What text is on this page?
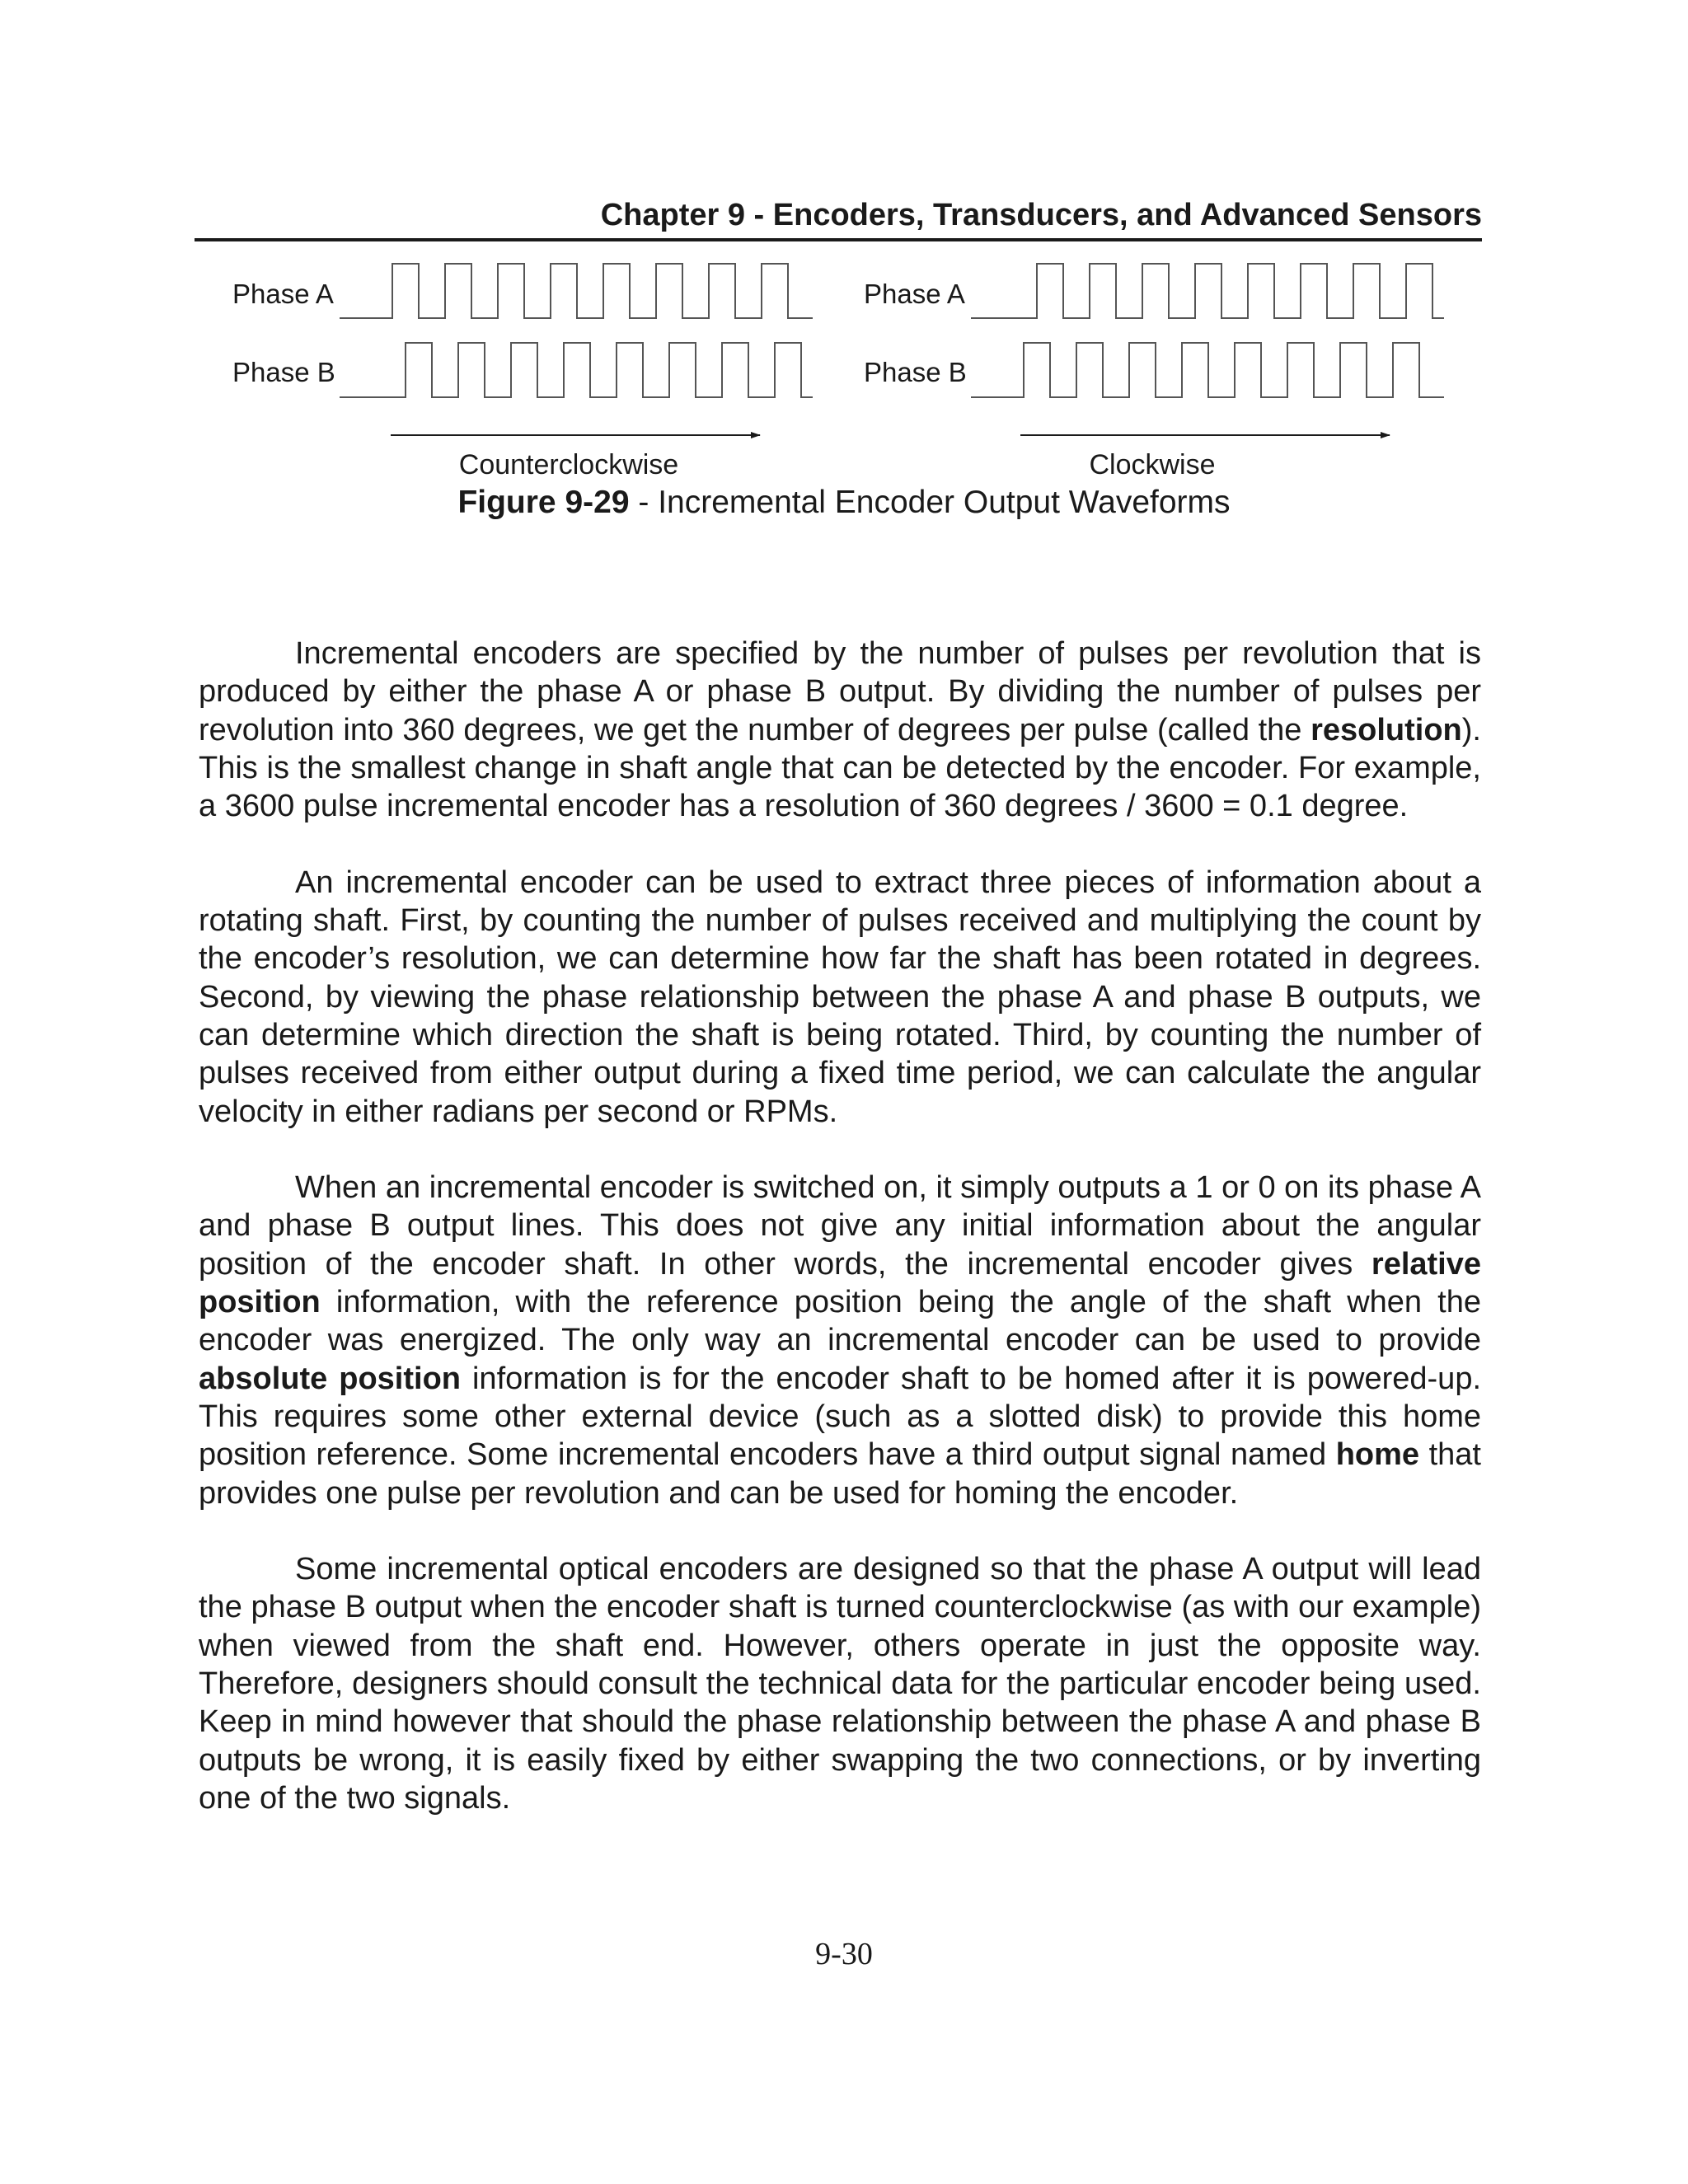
Chapter 9 - Encoders, Transducers, and Advanced Sensors
Phase A
Phase B
Counterclockwise
Phase A
Phase B
Clockwise
Figure 9-29 - Incremental Encoder Output Waveforms

Incremental encoders are specified by the number of pulses per revolution that is produced by either the phase A or phase B output. By dividing the number of pulses per revolution into 360 degrees, we get the number of degrees per pulse (called the resolution). This is the smallest change in shaft angle that can be detected by the encoder. For example, a 3600 pulse incremental encoder has a resolution of 360 degrees / 3600 = 0.1 degree.

An incremental encoder can be used to extract three pieces of information about a rotating shaft. First, by counting the number of pulses received and multiplying the count by the encoder’s resolution, we can determine how far the shaft has been rotated in degrees. Second, by viewing the phase relationship between the phase A and phase B outputs, we can determine which direction the shaft is being rotated. Third, by counting the number of pulses received from either output during a fixed time period, we can calculate the angular velocity in either radians per second or RPMs.

When an incremental encoder is switched on, it simply outputs a 1 or 0 on its phase A and phase B output lines. This does not give any initial information about the angular position of the encoder shaft. In other words, the incremental encoder gives relative position information, with the reference position being the angle of the shaft when the encoder was energized. The only way an incremental encoder can be used to provide absolute position information is for the encoder shaft to be homed after it is powered-up. This requires some other external device (such as a slotted disk) to provide this home position reference. Some incremental encoders have a third output signal named home that provides one pulse per revolution and can be used for homing the encoder.

Some incremental optical encoders are designed so that the phase A output will lead the phase B output when the encoder shaft is turned counterclockwise (as with our example) when viewed from the shaft end. However, others operate in just the opposite way. Therefore, designers should consult the technical data for the particular encoder being used. Keep in mind however that should the phase relationship between the phase A and phase B outputs be wrong, it is easily fixed by either swapping the two connections, or by inverting one of the two signals.

9-30
